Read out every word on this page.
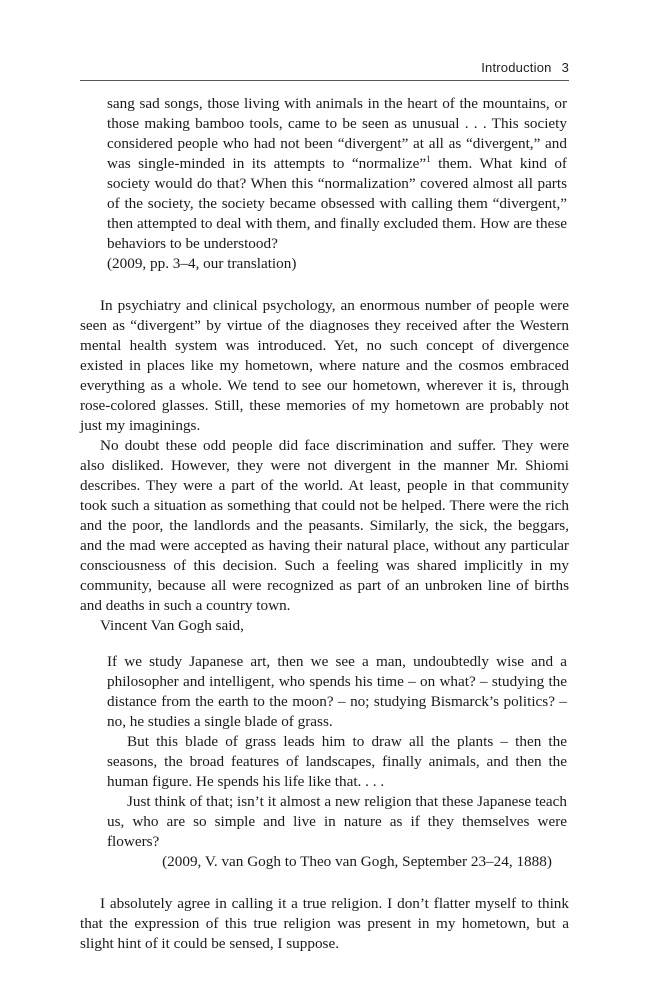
Introduction 3

sang sad songs, those living with animals in the heart of the mountains, or those making bamboo tools, came to be seen as unusual . . . This society considered people who had not been “divergent” at all as “divergent,” and was single-minded in its attempts to “normalize”$^1$ them. What kind of society would do that? When this “normalization” covered almost all parts of the society, the society became obsessed with calling them “divergent,” then attempted to deal with them, and finally excluded them. How are these behaviors to be understood?

(2009, pp. 3–4, our translation)

In psychiatry and clinical psychology, an enormous number of people were seen as “divergent” by virtue of the diagnoses they received after the Western mental health system was introduced. Yet, no such concept of divergence existed in places like my hometown, where nature and the cosmos embraced everything as a whole. We tend to see our hometown, wherever it is, through rose-colored glasses. Still, these memories of my hometown are probably not just my imaginings.

No doubt these odd people did face discrimination and suffer. They were also disliked. However, they were not divergent in the manner Mr. Shiomi describes. They were a part of the world. At least, people in that community took such a situation as something that could not be helped. There were the rich and the poor, the landlords and the peasants. Similarly, the sick, the beggars, and the mad were accepted as having their natural place, without any particular consciousness of this decision. Such a feeling was shared implicitly in my community, because all were recognized as part of an unbroken line of births and deaths in such a country town.

Vincent Van Gogh said,

If we study Japanese art, then we see a man, undoubtedly wise and a philosopher and intelligent, who spends his time – on what? – studying the distance from the earth to the moon? – no; studying Bismarck’s politics? – no, he studies a single blade of grass.

But this blade of grass leads him to draw all the plants – then the seasons, the broad features of landscapes, finally animals, and then the human figure. He spends his life like that. . . .

Just think of that; isn’t it almost a new religion that these Japanese teach us, who are so simple and live in nature as if they themselves were flowers?

(2009, V. van Gogh to Theo van Gogh, September 23–24, 1888)

I absolutely agree in calling it a true religion. I don’t flatter myself to think that the expression of this true religion was present in my hometown, but a slight hint of it could be sensed, I suppose.
